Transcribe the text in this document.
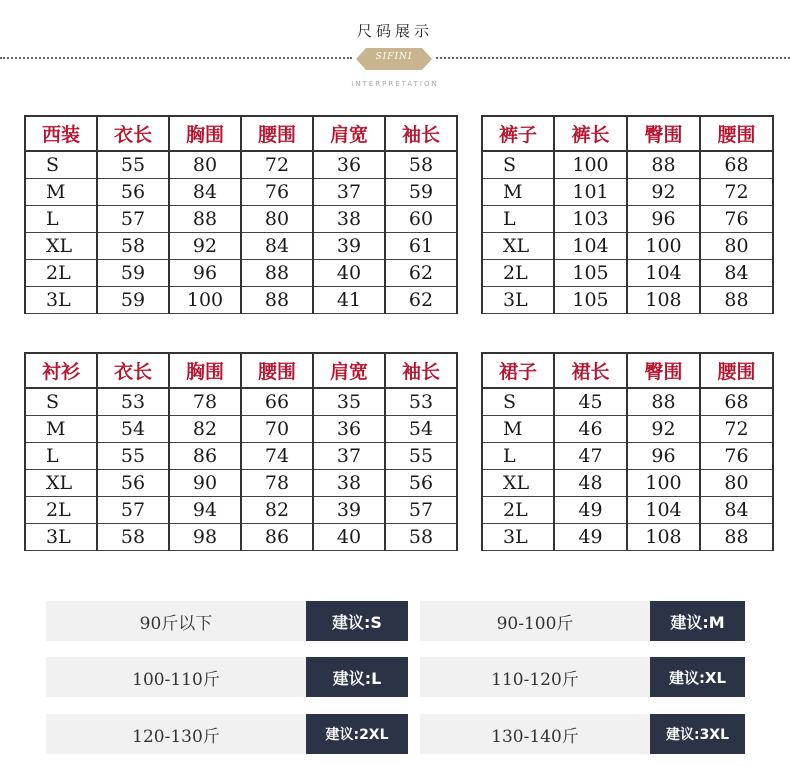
尺码展示
SIFINI
INTERPRETATION
西装	衣长	胸围	腰围	肩宽	袖长
S	55	80	72	36	58
M	56	84	76	37	59
L	57	88	80	38	60
XL	58	92	84	39	61
2L	59	96	88	40	62
3L	59	100	88	41	62
裤子	裤长	臀围	腰围
S	100	88	68
M	101	92	72
L	103	96	76
XL	104	100	80
2L	105	104	84
3L	105	108	88
衬衫	衣长	胸围	腰围	肩宽	袖长
S	53	78	66	35	53
M	54	82	70	36	54
L	55	86	74	37	55
XL	56	90	78	38	56
2L	57	94	82	39	57
3L	58	98	86	40	58
裙子	裙长	臀围	腰围
S	45	88	68
M	46	92	72
L	47	96	76
XL	48	100	80
2L	49	104	84
3L	49	108	88
90斤以下	建议:S	90-100斤	建议:M
100-110斤	建议:L	110-120斤	建议:XL
120-130斤	建议:2XL	130-140斤	建议:3XL
